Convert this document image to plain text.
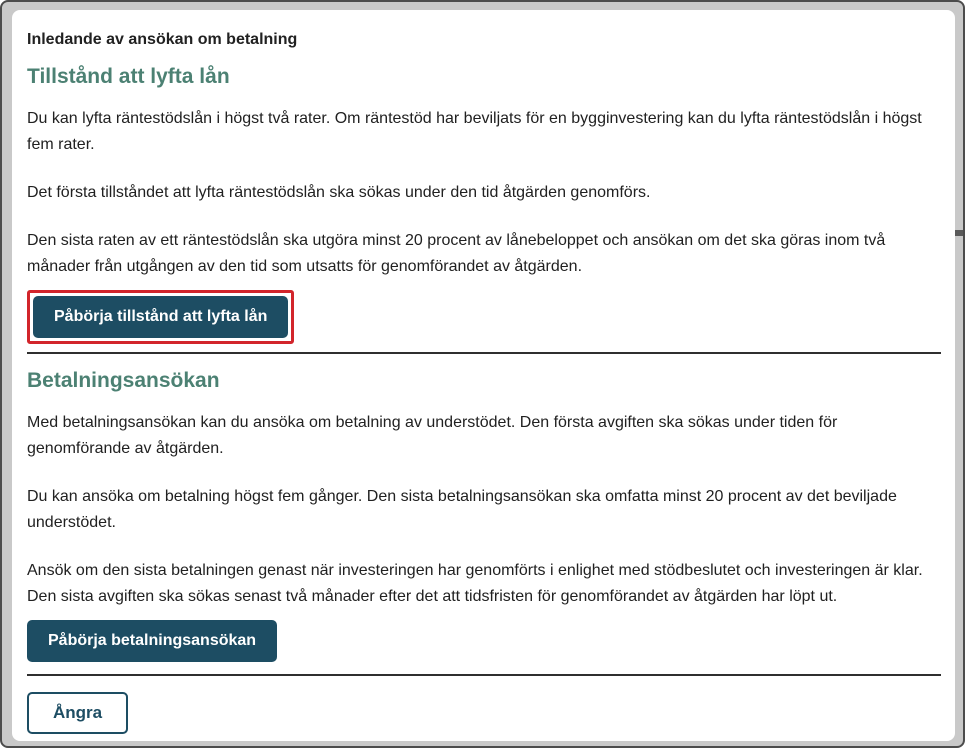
Inledande av ansökan om betalning
Tillstånd att lyfta lån

Du kan lyfta räntestödslån i högst två rater. Om räntestöd har beviljats för en bygginvestering kan du lyfta räntestödslån i högst fem rater.

Det första tillståndet att lyfta räntestödslån ska sökas under den tid åtgärden genomförs.

Den sista raten av ett räntestödslån ska utgöra minst 20 procent av lånebeloppet och ansökan om det ska göras inom två månader från utgången av den tid som utsatts för genomförandet av åtgärden.

Påbörja tillstånd att lyfta lån
Betalningsansökan

Med betalningsansökan kan du ansöka om betalning av understödet. Den första avgiften ska sökas under tiden för genomförande av åtgärden.

Du kan ansöka om betalning högst fem gånger. Den sista betalningsansökan ska omfatta minst 20 procent av det beviljade understödet.

Ansök om den sista betalningen genast när investeringen har genomförts i enlighet med stödbeslutet och investeringen är klar. Den sista avgiften ska sökas senast två månader efter det att tidsfristen för genomförandet av åtgärden har löpt ut.

Påbörja betalningsansökan
Ångra
